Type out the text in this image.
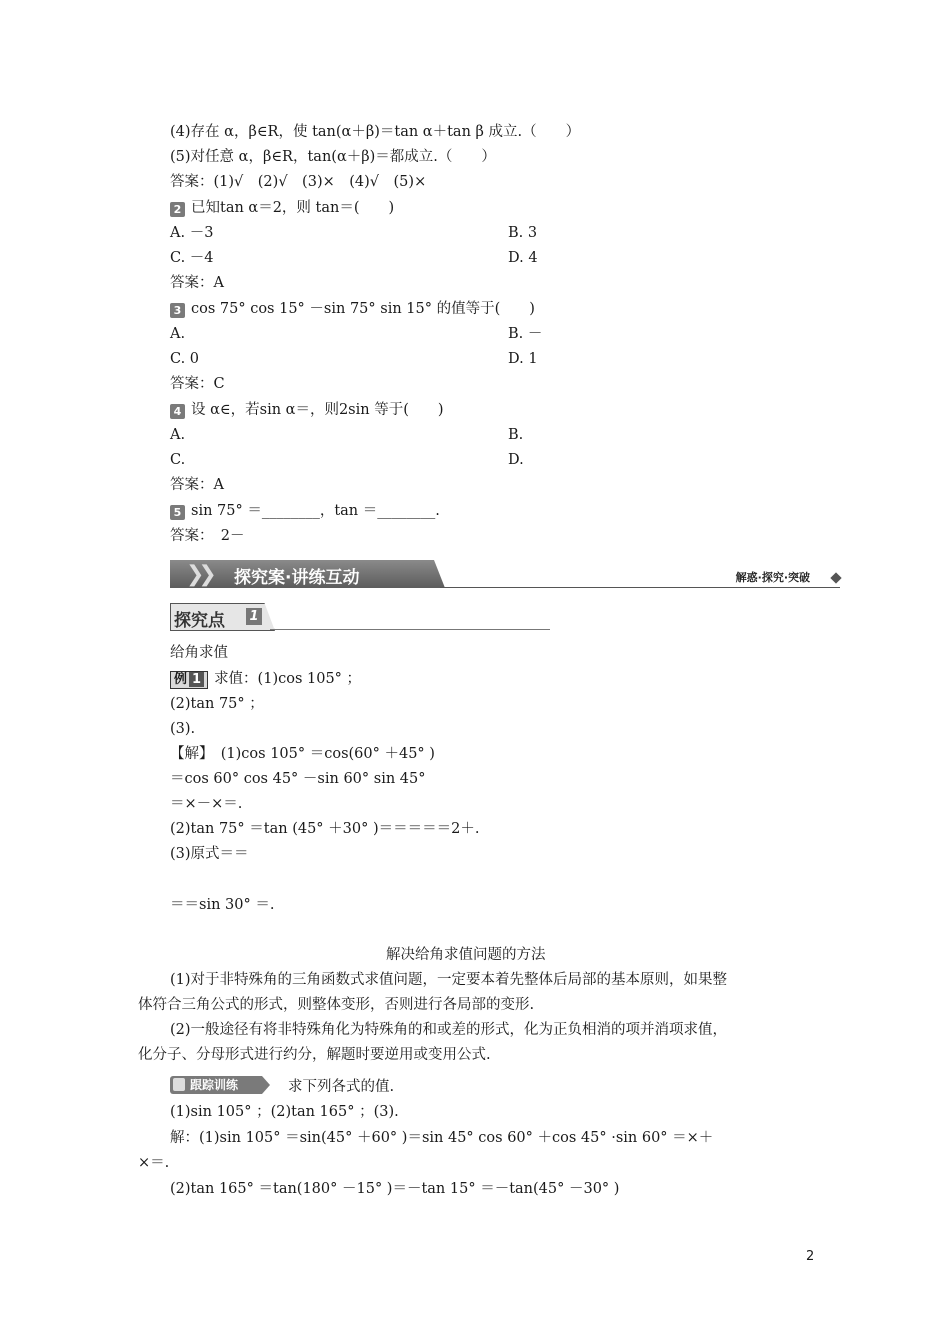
(4)存在 α，β∈R，使 tan(α＋β)＝tan α＋tan β 成立.（　　）
(5)对任意 α，β∈R，tan(α＋β)＝都成立.（　　）
答案：(1)√　(2)√　(3)×　(4)√　(5)×
2 已知tan α＝2，则 tan＝(　　)
A. －3	B. 3
C. －4	D. 4
答案：A
3 cos 75° cos 15° －sin 75° sin 15° 的值等于(　　)
A.	B. －
C. 0	D. 1
答案：C
4 设 α∈，若sin α＝，则2sin 等于(　　)
A.	B.
C.	D.
答案：A
5 sin 75° ＝________，tan ＝________.
答案：　2－
❯❯ 探究案·讲练互动	解惑·探究·突破
探究点 1
给角求值
例 1 求值：(1)cos 105° ；
(2)tan 75° ；
(3).
【解】　(1)cos 105° ＝cos(60° ＋45° )
＝cos 60° cos 45° －sin 60° sin 45°
＝×－×＝.
(2)tan 75° ＝tan (45° ＋30° )＝＝＝＝＝2＋.
(3)原式＝＝
＝＝sin 30° ＝.
解决给角求值问题的方法
(1)对于非特殊角的三角函数式求值问题，一定要本着先整体后局部的基本原则，如果整
体符合三角公式的形式，则整体变形，否则进行各局部的变形.
(2)一般途径有将非特殊角化为特殊角的和或差的形式，化为正负相消的项并消项求值，
化分子、分母形式进行约分，解题时要逆用或变用公式.
跟踪训练	求下列各式的值.
(1)sin 105° ；(2)tan 165° ；(3).
解：(1)sin 105° ＝sin(45° ＋60° )＝sin 45° cos 60° ＋cos 45° ·sin 60° ＝×＋
×＝.
(2)tan 165° ＝tan(180° －15° )＝－tan 15° ＝－tan(45° －30° )
2
